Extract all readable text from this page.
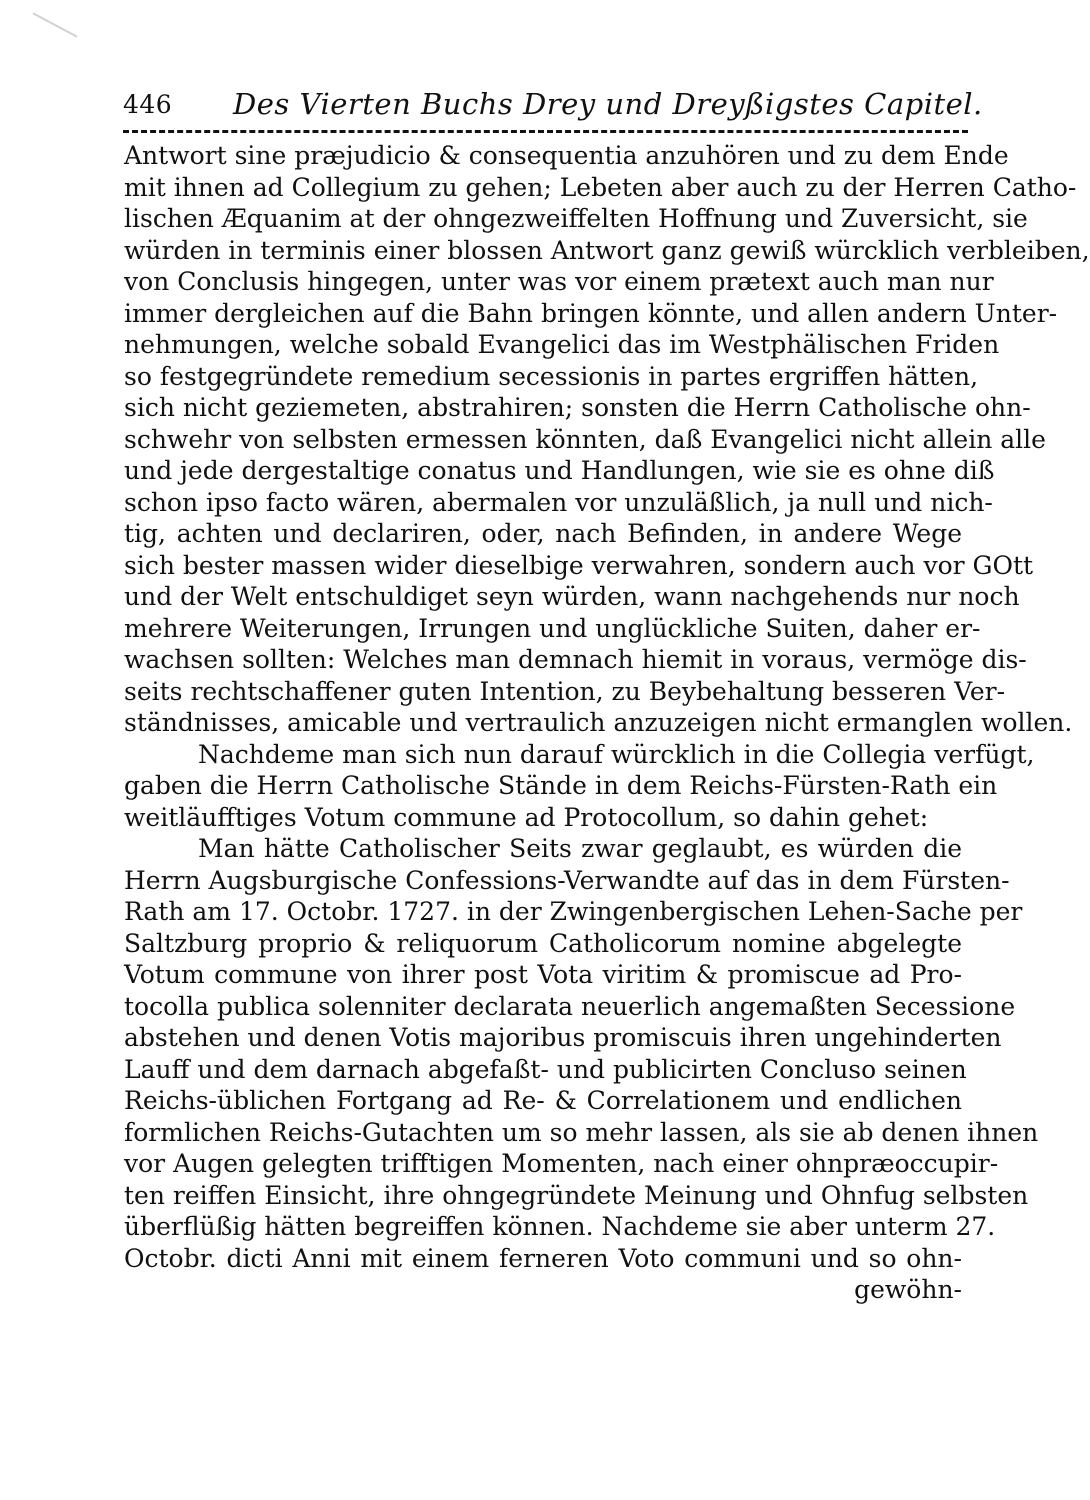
446 Des Vierten Buchs Drey und Dreyßigstes Capitel.
Antwort sine præjudicio & consequentia anzuhören und zu dem Ende
mit ihnen ad Collegium zu gehen; Lebeten aber auch zu der Herren Catho-
lischen Æquanim at der ohngezweiffelten Hoffnung und Zuversicht, sie
würden in terminis einer blossen Antwort ganz gewiß würcklich verbleiben,
von Conclusis hingegen, unter was vor einem prætext auch man nur
immer dergleichen auf die Bahn bringen könnte, und allen andern Unter-
nehmungen, welche sobald Evangelici das im Westphälischen Friden
so festgegründete remedium secessionis in partes ergriffen hätten,
sich nicht geziemeten, abstrahiren; sonsten die Herrn Catholische ohn-
schwehr von selbsten ermessen könnten, daß Evangelici nicht allein alle
und jede dergestaltige conatus und Handlungen, wie sie es ohne diß
schon ipso facto wären, abermalen vor unzuläßlich, ja null und nich-
tig, achten und declariren, oder, nach Befinden, in andere Wege
sich bester massen wider dieselbige verwahren, sondern auch vor GOtt
und der Welt entschuldiget seyn würden, wann nachgehends nur noch
mehrere Weiterungen, Irrungen und unglückliche Suiten, daher er-
wachsen sollten: Welches man demnach hiemit in voraus, vermöge dis-
seits rechtschaffener guten Intention, zu Beybehaltung besseren Ver-
ständnisses, amicable und vertraulich anzuzeigen nicht ermanglen wollen.
Nachdeme man sich nun darauf würcklich in die Collegia verfügt,
gaben die Herrn Catholische Stände in dem Reichs-Fürsten-Rath ein
weitläufftiges Votum commune ad Protocollum, so dahin gehet:
Man hätte Catholischer Seits zwar geglaubt, es würden die
Herrn Augsburgische Confessions-Verwandte auf das in dem Fürsten-
Rath am 17. Octobr. 1727. in der Zwingenbergischen Lehen-Sache per
Saltzburg proprio & reliquorum Catholicorum nomine abgelegte
Votum commune von ihrer post Vota viritim & promiscue ad Pro-
tocolla publica solenniter declarata neuerlich angemaßten Secessione
abstehen und denen Votis majoribus promiscuis ihren ungehinderten
Lauff und dem darnach abgefaßt- und publicirten Concluso seinen
Reichs-üblichen Fortgang ad Re- & Correlationem und endlichen
formlichen Reichs-Gutachten um so mehr lassen, als sie ab denen ihnen
vor Augen gelegten trifftigen Momenten, nach einer ohnpræoccupir-
ten reiffen Einsicht, ihre ohngegründete Meinung und Ohnfug selbsten
überflüßig hätten begreiffen können. Nachdeme sie aber unterm 27.
Octobr. dicti Anni mit einem ferneren Voto communi und so ohn-
gewöhn-
